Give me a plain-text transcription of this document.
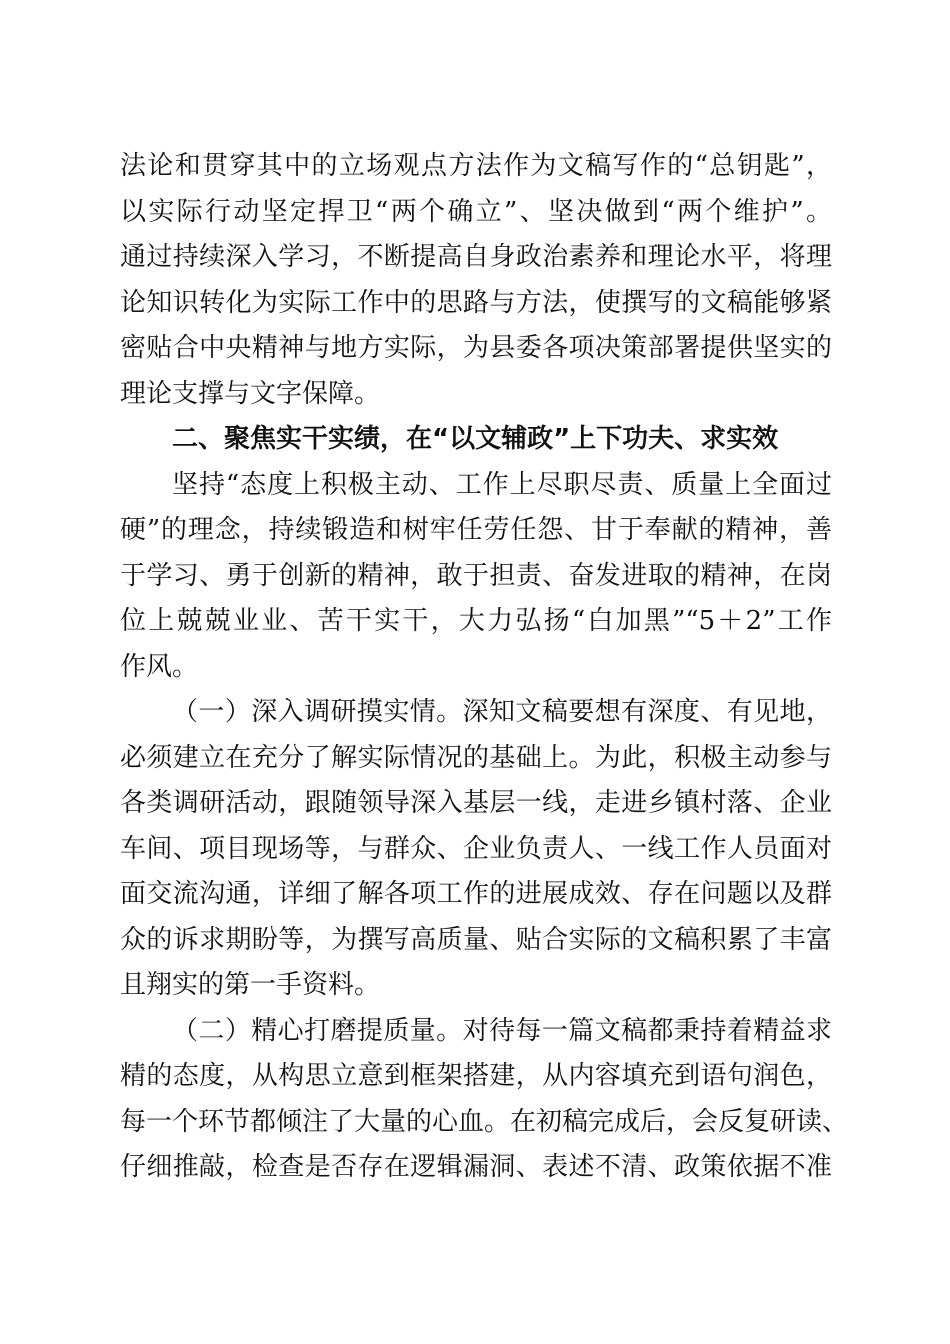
法论和贯穿其中的立场观点方法作为文稿写作的“总钥匙”，
以实际行动坚定捍卫“两个确立”、坚决做到“两个维护”。
通过持续深入学习，不断提高自身政治素养和理论水平，将理
论知识转化为实际工作中的思路与方法，使撰写的文稿能够紧
密贴合中央精神与地方实际，为县委各项决策部署提供坚实的
理论支撑与文字保障。
二、聚焦实干实绩，在“以文辅政”上下功夫、求实效
坚持“态度上积极主动、工作上尽职尽责、质量上全面过
硬”的理念，持续锻造和树牢任劳任怨、甘于奉献的精神，善
于学习、勇于创新的精神，敢于担责、奋发进取的精神，在岗
位上兢兢业业、苦干实干，大力弘扬“白加黑”“5＋2”工作
作风。
（一）深入调研摸实情。深知文稿要想有深度、有见地，
必须建立在充分了解实际情况的基础上。为此，积极主动参与
各类调研活动，跟随领导深入基层一线，走进乡镇村落、企业
车间、项目现场等，与群众、企业负责人、一线工作人员面对
面交流沟通，详细了解各项工作的进展成效、存在问题以及群
众的诉求期盼等，为撰写高质量、贴合实际的文稿积累了丰富
且翔实的第一手资料。
（二）精心打磨提质量。对待每一篇文稿都秉持着精益求
精的态度，从构思立意到框架搭建，从内容填充到语句润色，
每一个环节都倾注了大量的心血。在初稿完成后，会反复研读、
仔细推敲，检查是否存在逻辑漏洞、表述不清、政策依据不准
